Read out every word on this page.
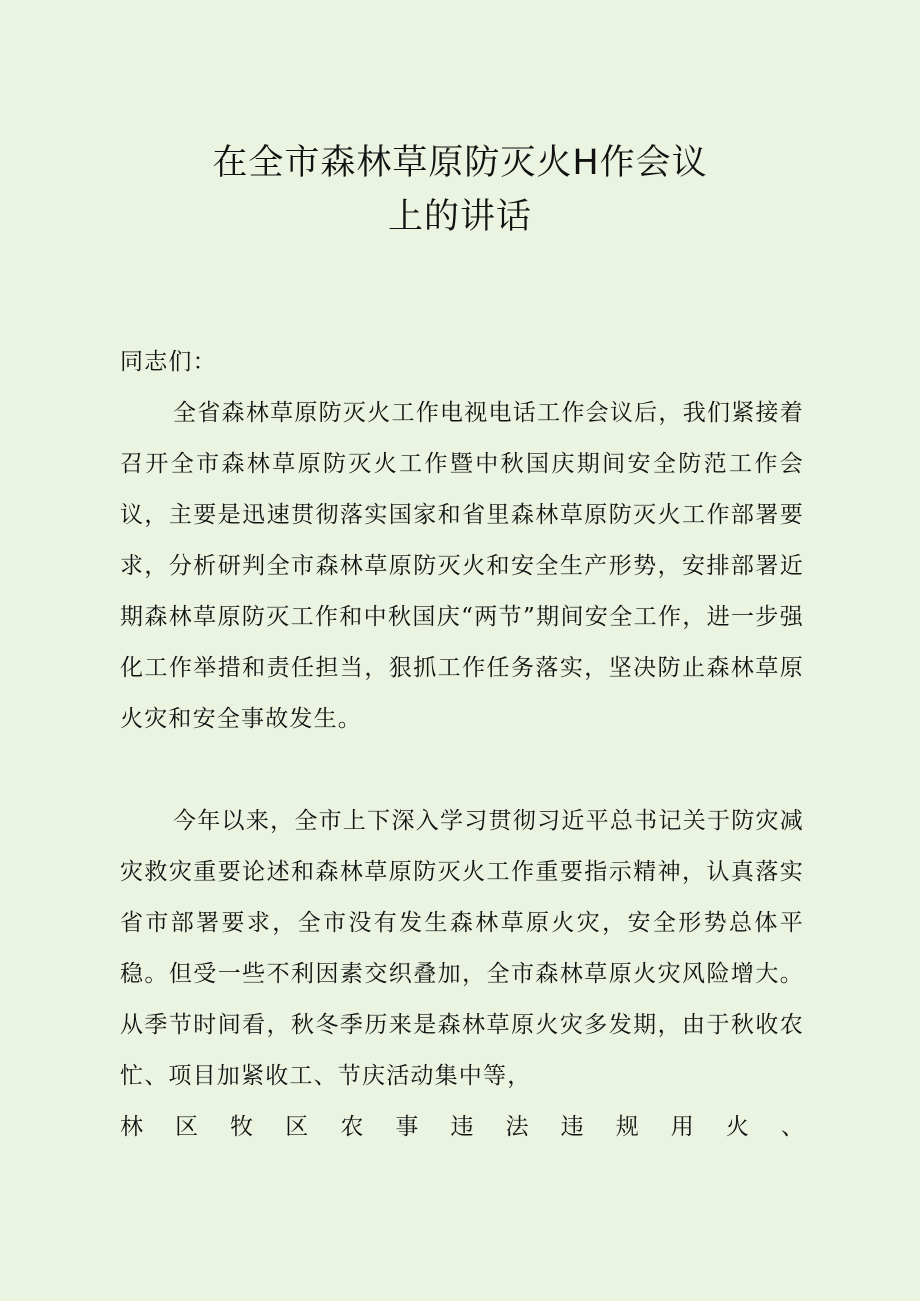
在全市森林草原防灭火H作会议
上的讲话
同志们：

全省森林草原防灭火工作电视电话工作会议后，我们紧接着召开全市森林草原防灭火工作暨中秋国庆期间安全防范工作会议，主要是迅速贯彻落实国家和省里森林草原防灭火工作部署要求，分析研判全市森林草原防灭火和安全生产形势，安排部署近期森林草原防灭工作和中秋国庆“两节”期间安全工作，进一步强化工作举措和责任担当，狠抓工作任务落实，坚决防止森林草原火灾和安全事故发生。

今年以来，全市上下深入学习贯彻习近平总书记关于防灾减灾救灾重要论述和森林草原防灭火工作重要指示精神，认真落实省市部署要求，全市没有发生森林草原火灾，安全形势总体平稳。但受一些不利因素交织叠加，全市森林草原火灾风险增大。从季节时间看，秋冬季历来是森林草原火灾多发期，由于秋收农忙、项目加紧收工、节庆活动集中等，

林 区 牧 区 农 事 违 法 违 规 用 火 、
